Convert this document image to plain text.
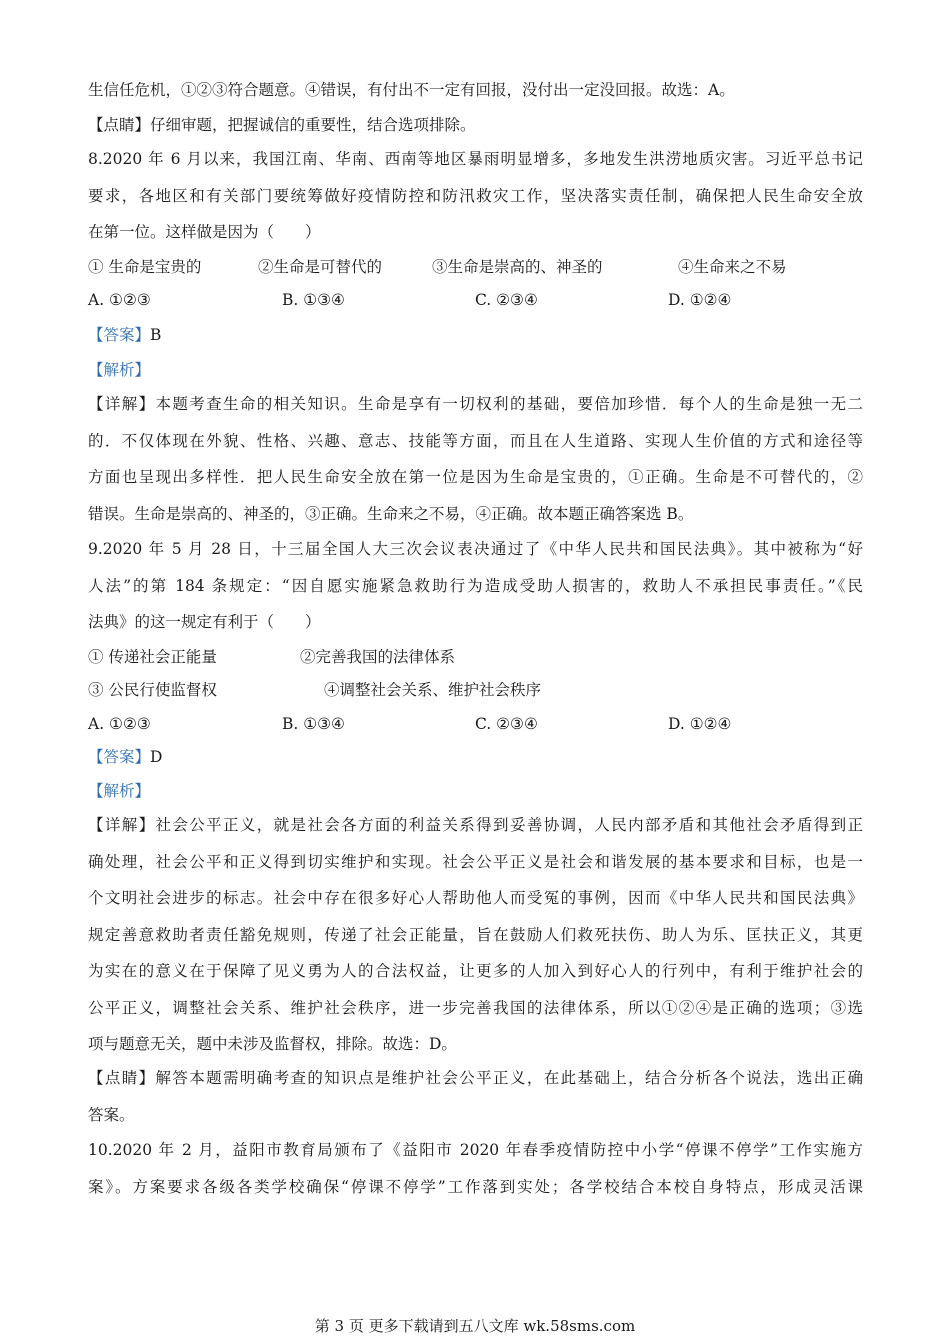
生信任危机，①②③符合题意。④错误，有付出不一定有回报，没付出一定没回报。故选：A。
【点睛】仔细审题，把握诚信的重要性，结合选项排除。
8.2020 年 6 月以来，我国江南、华南、西南等地区暴雨明显增多，多地发生洪涝地质灾害。习近平总书记
要求，各地区和有关部门要统筹做好疫情防控和防汛救灾工作，坚决落实责任制，确保把人民生命安全放
在第一位。这样做是因为（　　）
① 生命是宝贵的	②生命是可替代的	③生命是崇高的、神圣的	④生命来之不易
A. ①②③	B. ①③④	C. ②③④	D. ①②④
【答案】B
【解析】
【详解】本题考查生命的相关知识。生命是享有一切权利的基础，要倍加珍惜．每个人的生命是独一无二
的．不仅体现在外貌、性格、兴趣、意志、技能等方面，而且在人生道路、实现人生价值的方式和途径等
方面也呈现出多样性．把人民生命安全放在第一位是因为生命是宝贵的，①正确。生命是不可替代的，②
错误。生命是崇高的、神圣的，③正确。生命来之不易，④正确。故本题正确答案选 B。
9.2020 年 5 月 28 日，十三届全国人大三次会议表决通过了《中华人民共和国民法典》。其中被称为“好
人法”的第 184 条规定：“因自愿实施紧急救助行为造成受助人损害的，救助人不承担民事责任。”《民
法典》的这一规定有利于（　　）
① 传递社会正能量	②完善我国的法律体系
③ 公民行使监督权	④调整社会关系、维护社会秩序
A. ①②③	B. ①③④	C. ②③④	D. ①②④
【答案】D
【解析】
【详解】社会公平正义，就是社会各方面的利益关系得到妥善协调，人民内部矛盾和其他社会矛盾得到正
确处理，社会公平和正义得到切实维护和实现。社会公平正义是社会和谐发展的基本要求和目标，也是一
个文明社会进步的标志。社会中存在很多好心人帮助他人而受冤的事例，因而《中华人民共和国民法典》
规定善意救助者责任豁免规则，传递了社会正能量，旨在鼓励人们救死扶伤、助人为乐、匡扶正义，其更
为实在的意义在于保障了见义勇为人的合法权益，让更多的人加入到好心人的行列中，有利于维护社会的
公平正义，调整社会关系、维护社会秩序，进一步完善我国的法律体系，所以①②④是正确的选项；③选
项与题意无关，题中未涉及监督权，排除。故选：D。
【点睛】解答本题需明确考查的知识点是维护社会公平正义，在此基础上，结合分析各个说法，选出正确
答案。
10.2020 年 2 月，益阳市教育局颁布了《益阳市 2020 年春季疫情防控中小学“停课不停学”工作实施方
案》。方案要求各级各类学校确保“停课不停学”工作落到实处；各学校结合本校自身特点，形成灵活课
第 3 页 更多下载请到五八文库 wk.58sms.com
